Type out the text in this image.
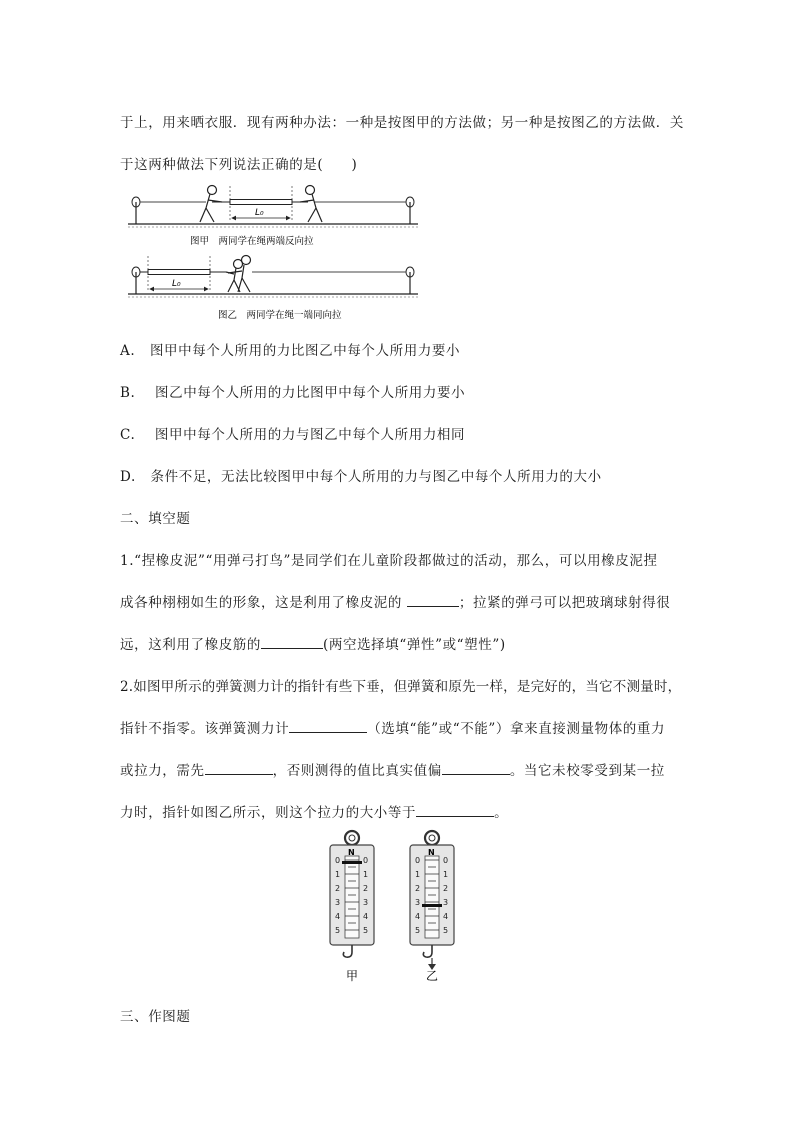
于上，用来晒衣服．现有两种办法：一种是按图甲的方法做；另一种是按图乙的方法做．关
于这两种做法下列说法正确的是(　　)
L₀
图甲　两同学在绳两端反向拉
L₀
图乙　两同学在绳一端同向拉
A. 图甲中每个人所用的力比图乙中每个人所用力要小
B. 图乙中每个人所用的力比图甲中每个人所用力要小
C. 图甲中每个人所用的力与图乙中每个人所用力相同
D. 条件不足，无法比较图甲中每个人所用的力与图乙中每个人所用力的大小
二、填空题
1.“捏橡皮泥”“用弹弓打鸟”是同学们在儿童阶段都做过的活动，那么，可以用橡皮泥捏
成各种栩栩如生的形象，这是利用了橡皮泥的	；拉紧的弹弓可以把玻璃球射得很
远，这利用了橡皮筋的	(两空选择填“弹性”或“塑性”)
2.如图甲所示的弹簧测力计的指针有些下垂，但弹簧和原先一样，是完好的，当它不测量时，
指针不指零。该弹簧测力计	（选填“能”或“不能”）拿来直接测量物体的重力
或拉力，需先	，否则测得的值比真实值偏	。当它未校零受到某一拉
力时，指针如图乙所示，则这个拉力的大小等于	。
N
0
1
2
3
4
5
0
1
2
3
4
5
N
0
1
2
3
4
5
0
1
2
3
4
5
甲	乙
三、作图题
